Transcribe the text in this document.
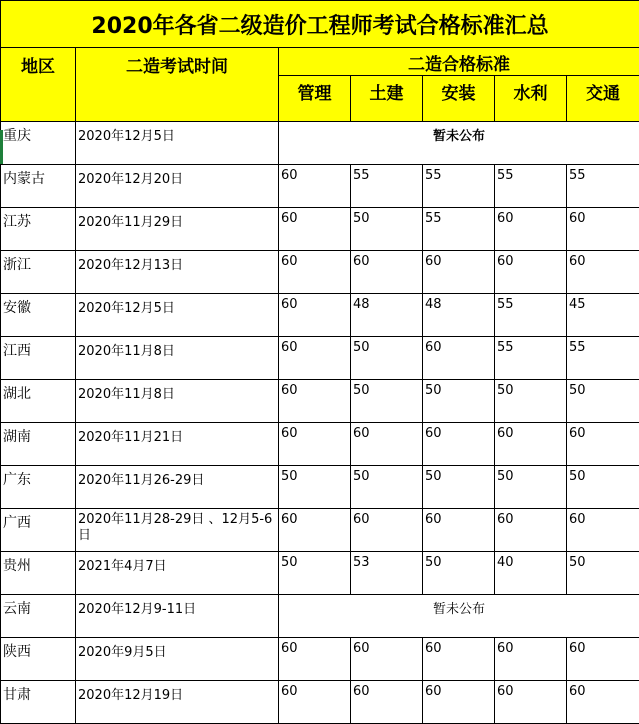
2020年各省二级造价工程师考试合格标准汇总						
地区	二造考试时间	二造合格标准				
		管理	土建	安装	水利	交通
重庆	2020年12月5日	暂未公布				
内蒙古	2020年12月20日	60	55	55	55	55
江苏	2020年11月29日	60	50	55	60	60
浙江	2020年12月13日	60	60	60	60	60
安徽	2020年12月5日	60	48	48	55	45
江西	2020年11月8日	60	50	60	55	55
湖北	2020年11月8日	60	50	50	50	50
湖南	2020年11月21日	60	60	60	60	60
广东	2020年11月26-29日	50	50	50	50	50
广西	2020年11月28-29日 、12月5-6日	60	60	60	60	60
贵州	2021年4月7日	50	53	50	40	50
云南	2020年12月9-11日	暂未公布				
陕西	2020年9月5日	60	60	60	60	60
甘肃	2020年12月19日	60	60	60	60	60
